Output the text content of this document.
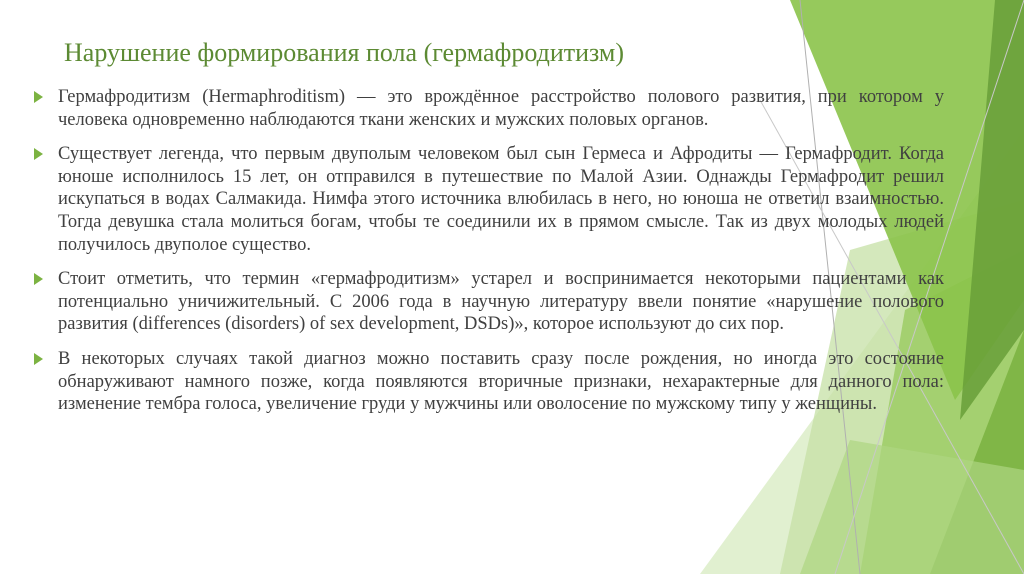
Нарушение формирования пола (гермафродитизм)
Гермафродитизм (Hermaphroditism) — это врождённое расстройство полового развития, при котором у человека одновременно наблюдаются ткани женских и мужских половых органов.
Существует легенда, что первым двуполым человеком был сын Гермеса и Афродиты — Гермафродит. Когда юноше исполнилось 15 лет, он отправился в путешествие по Малой Азии. Однажды Гермафродит решил искупаться в водах Салмакида. Нимфа этого источника влюбилась в него, но юноша не ответил взаимностью. Тогда девушка стала молиться богам, чтобы те соединили их в прямом смысле. Так из двух молодых людей получилось двуполое существо.
Стоит отметить, что термин «гермафродитизм» устарел и воспринимается некоторыми пациентами как потенциально уничижительный. С 2006 года в научную литературу ввели понятие «нарушение полового развития (differences (disorders) of sex development, DSDs)», которое используют до сих пор.
В некоторых случаях такой диагноз можно поставить сразу после рождения, но иногда это состояние обнаруживают намного позже, когда появляются вторичные признаки, нехарактерные для данного пола: изменение тембра голоса, увеличение груди у мужчины или оволосение по мужскому типу у женщины.
